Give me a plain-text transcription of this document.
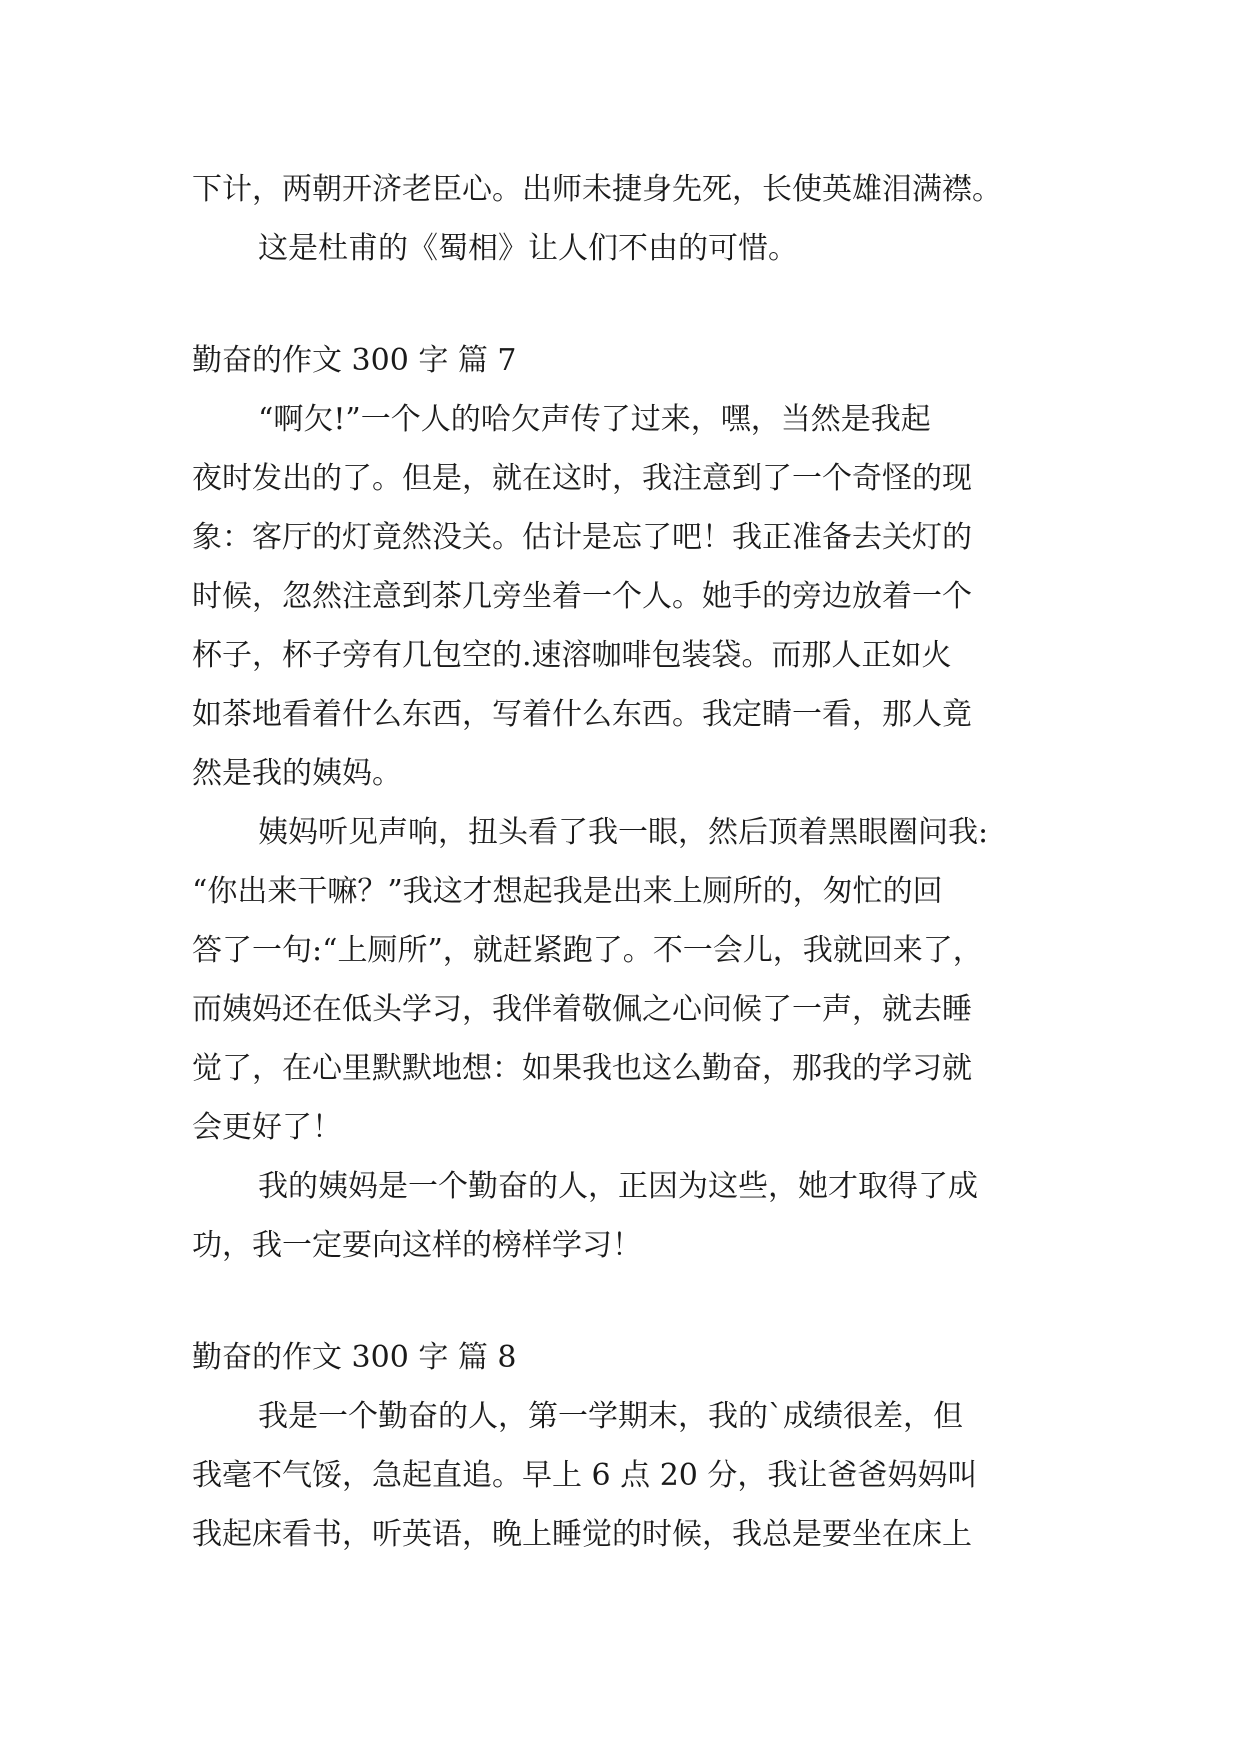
下计，两朝开济老臣心。出师未捷身先死，长使英雄泪满襟。

这是杜甫的《蜀相》让人们不由的可惜。

勤奋的作文 300 字 篇 7

“啊欠!”一个人的哈欠声传了过来，嘿，当然是我起

夜时发出的了。但是，就在这时，我注意到了一个奇怪的现

象：客厅的灯竟然没关。估计是忘了吧！我正准备去关灯的

时候，忽然注意到茶几旁坐着一个人。她手的旁边放着一个

杯子，杯子旁有几包空的.速溶咖啡包装袋。而那人正如火

如茶地看着什么东西，写着什么东西。我定睛一看，那人竟

然是我的姨妈。

姨妈听见声响，扭头看了我一眼，然后顶着黑眼圈问我:

“你出来干嘛？”我这才想起我是出来上厕所的，匆忙的回

答了一句:“上厕所”，就赶紧跑了。不一会儿，我就回来了，

而姨妈还在低头学习，我伴着敬佩之心问候了一声，就去睡

觉了，在心里默默地想：如果我也这么勤奋，那我的学习就

会更好了！

我的姨妈是一个勤奋的人，正因为这些，她才取得了成

功，我一定要向这样的榜样学习！

勤奋的作文 300 字 篇 8

我是一个勤奋的人，第一学期末，我的`成绩很差，但

我毫不气馁，急起直追。早上 6 点 20 分，我让爸爸妈妈叫

我起床看书，听英语，晚上睡觉的时候，我总是要坐在床上
